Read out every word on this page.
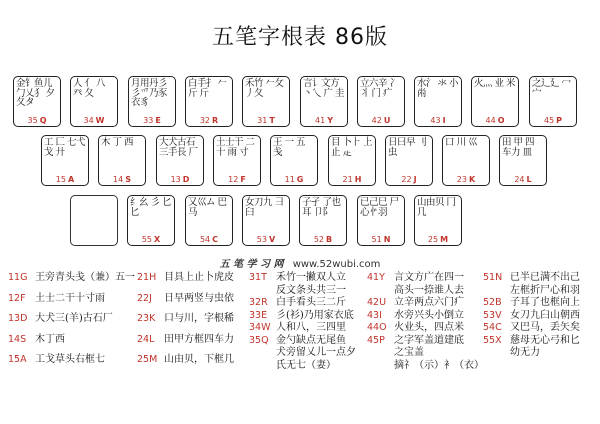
五笔字根表 86版
金钅鱼儿 勹乂犭 夕夂タ
35 Q
人 亻 八 癶 夂
34 W
月用丹彡 彡爫乃豕 衣豸
33 E
白手扌 𠂉斤 斤
32 R
禾竹 𠂉攵 丿夂
31 T
言讠文方 丶乀 广 圭
41 Y
立六辛 冫丬 门 疒
42 U
水氵 氺 小 㡀
43 I
火灬 业 米
44 O
之辶廴 冖 宀
45 P
工 匚 七弋戈 廾
15 A
木 丁 西
14 S
大犬古石 三手長 厂
13 D
土士干 二十 雨 寸
12 F
王 一 五 戋
11 G
目 卜⺊ 上止 龰
21 H
日曰早 刂 虫
22 J
口 川 巛
23 K
田 甲 四 车力 皿
24 L
纟幺 彡 匕 匕
55 X
又巛ム 巴 马
54 C
女刀九 彐 臼
53 V
子孑 了也耳 卩阝
52 B
已己巳 尸 心㣺羽
51 N
山由贝 冂 几
25 M
五 笔 学 习 网 www.52wubi.com
11G 王旁青头戋（兼）五一
12F 土士二干十寸雨
13D 大犬三(羊)古石厂
14S 木丁西
15A 工戈草头右框七
21H 目具上止卜虎皮
22J 日早两竖与虫依
23K 口与川，字根稀
24L 田甲方框四车力
25M 山由贝，下框几
31T 禾竹一撇双人立
反文条头共三一
32R 白手看头三二斤
33E 彡(衫)乃用家衣底
34W 人和八，三四里
35Q 金勺缺点无尾鱼
犬旁留乂儿一点夕
氏无七（妻）
41Y 言文方广在四一
高头一捺谁人去
42U 立辛两点六门疒
43I 水旁兴头小倒立
44O 火业头，四点米
45P 之字军盖道建底
之宝盖
摘礻（示）衤（衣）
51N 已半已满不出己
左框折尸心和羽
52B 子耳了也框向上
53V 女刀九臼山朝西
54C 又巴马，丢矢矣
55X 慈母无心弓和匕
幼无力
